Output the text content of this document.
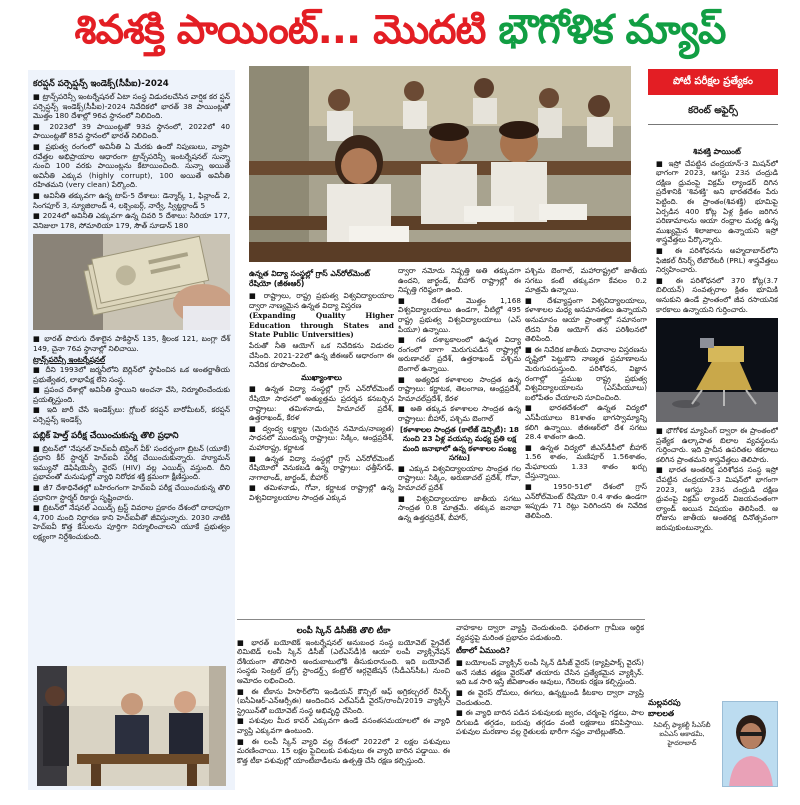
శివశక్తి పాయింట్... మొదటి భౌగోళిక మ్యాప్
కరప్షన్ పర్సెప్షన్స్ ఇండెక్స్(సీపీఐ)-2024

■ ట్రాన్స్‌పరెన్సీ ఇంటర్నేషనల్ ఏటా సంస్థ విడుదలచేసిన వార్షిక కర ప్షన్ పర్సెప్షన్స్ ఇండెక్స్(సీపీఐ)-2024 నివేదికలో భారత్ 38 పాయింట్లతో మొత్తం 180 దేశాల్లో 96వ స్థానంలో నిలిచింది.

■ 2023లో 39 పాయింట్లతో 93వ స్థానంలో, 2022లో 40 పాయింట్లతో 85వ స్థానంలో భారత్ నిలిచింది.

■ ప్రభుత్వ రంగంలో అవినీతి ఏ మేరకు ఉందో నిపుణులు, వ్యాపా రవేత్తల అభిప్రాయాల ఆధారంగా ట్రాన్స్‌పరెన్సీ ఇంటర్నేషనల్ సున్నా నుంచి 100 వరకు పాయింట్లను కేటాయించింది. సున్నా అయితే అవినీతి ఎక్కువ (highly corrupt), 100 అయితే అవినీతి రహితమని (very clean) పేర్కొంది.

■ అవినీతి తక్కువగా ఉన్న టాప్-5 దేశాలు: డెన్మార్క్ 1, ఫిన్లాండ్ 2, సింగపూర్ 3, న్యూజిలాండ్ 4, లక్సెంబర్గ్, నార్వే, స్విట్జర్లాండ్ 5

■ 2024లో అవినీతి ఎక్కువగా ఉన్న చివరి 5 దేశాలు: సిరియా 177, వెనిజులా 178, సోమాలియా 179, సౌత్ సూడాన్ 180

■ భారత్ పొరుగు దేశాలైన పాకిస్థాన్ 135, శ్రీలంక 121, బంగ్లా దేశ్ 149, చైనా 76వ స్థానాల్లో నిలిచాయి.

ట్రాన్స్‌పరెన్సీ ఇంటర్నేషనల్

■ దీని 1993లో జర్మనీలోని బెర్లిన్‌లో స్థాపించిన ఒక అంతర్జాతీయ ప్రభుత్వేతర, లాభాపేక్ష లేని సంస్థ.

■ ప్రపంచ దేశాల్లో అవినీతి స్థాయిని అంచనా వేసి, నిర్మూలించేందుకు ప్రయత్నిస్తుంది.

■ ఇది జారీ చేసే ఇండెక్స్‌లు: గ్లోబల్ కరప్షన్ బారోమీటర్, కరప్షన్ పర్సెప్షన్స్ ఇండెక్స్

పబ్లిక్ హెల్త్ పరీక్ష చేయించుకున్న తొలి ప్రధాని

■ బ్రిటన్‌లో 'నేషనల్ హెచ్ఐవీ టెస్టింగ్ వీక్' సందర్భంగా బ్రిటన్ (యూకే) ప్రధాని కీర్ స్టార్మర్ హెచ్ఐవీ పరీక్ష చేయించుకున్నారు. హ్యూమన్ ఇమ్యునో డెఫిషియెన్సీ వైరస్ (HIV) వల్ల ఎయిడ్స్ వస్తుంది. దీని ప్రభావంతో మనుషుల్లో వ్యాధి నిరోధక శక్తి క్రమంగా క్షీణిస్తుంది.

■ జీ7 దేశాధినేతల్లో బహిరంగంగా హెచ్ఐవీ పరీక్ష చేయించుకున్న తొలి ప్రధానిగా స్టార్మర్ రికార్డు సృష్టించారు.

■ బ్రిటన్‌లో నేషనల్ ఎయిడ్స్ ట్రస్ట్ వివరాల ప్రకారం దేశంలో దాదాపుగా 4,700 మంది నిర్ధారణ కాని హెచ్ఐవీతో జీవిస్తున్నారు. 2030 నాటికి హెచ్ఐవీ కొత్త కేసులను పూర్తిగా నిర్మూలించాలని యూకే ప్రభుత్వం లక్ష్యంగా నిర్దేశించుకుంది.

ఉన్నత విద్యా సంస్థల్లో గ్రాస్ ఎన్‌రోల్‌మెంట్ రేషియో (జీఈఆర్)

■ రాష్ట్రాలు, రాష్ట్ర ప్రభుత్వ విశ్వవిద్యాలయాల ద్వారా నాణ్యమైన ఉన్నత విద్యా విస్తరణ

(Expanding Quality Higher Education through States and State Public Universities)

పేరుతో నీతి ఆయోగ్ ఒక నివేదికను విడుదల చేసింది. 2021-22లో ఉన్న జీఈఆర్ ఆధారంగా ఈ నివేదిక రూపొందింది.

ముఖ్యాంశాలు

■ ఉన్నత విద్యా సంస్థల్లో గ్రాస్ ఎన్‌రోల్‌మెంట్ రేషియో సాధనలో అత్యుత్తమ ప్రదర్శన కనబర్చిన రాష్ట్రాలు: తమిళనాడు, హిమాచల్ ప్రదేశ్, ఉత్తరాఖండ్, కేరళ

■ ద్వంద్వ లక్ష్యాల (మెరుగైన నమోదు/నాణ్యత) సాధనలో ముందున్న రాష్ట్రాలు: సిక్కిం, ఆంధ్రప్రదేశ్, మహారాష్ట్ర, కర్ణాటక

■ ఉన్నత విద్యా సంస్థల్లో గ్రాస్ ఎన్‌రోల్‌మెంట్ రేషియోలో వెనుకబడి ఉన్న రాష్ట్రాలు: ఛత్తీస్‌గఢ్, నాగాలాండ్, జార్ఖండ్, బీహార్

■ తమిళనాడు, గోవా, కర్ణాటక రాష్ట్రాల్లో ఉన్న విశ్వవిద్యాలయాల సాంద్రత ఎక్కువ

ద్వారా నమోదు నిష్పత్తి అతి తక్కువగా ఉందని, జార్ఖండ్, బీహార్ రాష్ట్రాల్లో ఈ నిష్పత్తి గరిష్ఠంగా ఉంది.

■ దేశంలో మొత్తం 1,168 విశ్వవిద్యాలయాలు ఉండగా, వీటిల్లో 495 రాష్ట్ర ప్రభుత్వ విశ్వవిద్యాలయాలు (ఎస్ పీయూ) ఉన్నాయి.

■ గత దశాబ్దకాలంలో ఉన్నత విద్యా రంగంలో బాగా మెరుగుపడిన రాష్ట్రాల్లో అరుణాచల్ ప్రదేశ్, ఉత్తరాఖండ్ పశ్చిమ బెంగాల్ ఉన్నాయి.

■ అత్యధిక కళాశాలల సాంద్రత ఉన్న రాష్ట్రాలు: కర్ణాటక, తెలంగాణ, ఆంధ్రప్రదేశ్, హిమాచల్‌ప్రదేశ్, కేరళ

■ అతి తక్కువ కళాశాలల సాంద్రత ఉన్న రాష్ట్రాలు: బీహార్, పశ్చిమ బెంగాల్

[కళాశాలల సాంద్రత (కాలేజ్ డెన్సిటీ): 18 నుంచి 23 ఏళ్ల వయస్సు మధ్య ప్రతి లక్ష మంది జనాభాలో ఉన్న కళాశాలల సంఖ్య సగటు]

■ ఎక్కువ విశ్వవిద్యాలయాల సాంద్రత గల రాష్ట్రాలు: సిక్కిం, అరుణాచల్ ప్రదేశ్, గోవా, హిమాచల్ ప్రదేశ్

■ విశ్వవిద్యాలయాల జాతీయ సగటు సాంద్రత 0.8 మాత్రమే. తక్కువ జనాభా ఉన్న ఉత్తరప్రదేశ్, బీహార్,

పశ్చిమ బెంగాల్, మహారాష్ట్రలో జాతీయ సగటు కంటే తక్కువగా కేవలం 0.2 మాత్రమే ఉన్నాయి.

■ దేశవ్యాప్తంగా విశ్వవిద్యాలయాలు, కళాశాలల మధ్య అసమానతలు ఉన్నాయని అనుమానం ఆయా ప్రాంతాల్లో సమానంగా లేదని నీతి ఆయోగ్ తన పరిశీలనలో తెలిపింది.

■ ఈ నివేదిక జాతీయ విధానాల విస్తరణను దృష్టిలో పెట్టుకొని నాణ్యత ప్రమాణాలను మెరుగుపరుస్తుంది. పరిశోధన, విజ్ఞాన రంగాల్లో ప్రముఖ రాష్ట్ర ప్రభుత్వ విశ్వవిద్యాలయాలను (ఎస్‌పీయూలు) బలోపేతం చేయాలని సూచించింది.

■ భారతదేశంలో ఉన్నత విద్యలో ఎస్‌పీయూలు 81శాతం భాగస్వామ్యాన్ని కలిగి ఉన్నాయి. జీఈఆర్‌లో దేశ సగటు 28.4 శాతంగా ఉంది.

■ ఉన్నత విద్యలో జీఎస్‌డీపీలో బీహార్ 1.56 శాతం, మణిపూర్ 1.56శాతం, మేఘాలయ 1.33 శాతం ఖర్చు చేస్తున్నాయి.

■ 1950-51లో దేశంలో గ్రాస్ ఎన్‌రోల్‌మెంట్ రేషియో 0.4 శాతం ఉండగా ఇప్పుడు 71 రెట్లు పెరిగిందని ఈ నివేదిక తెలిపింది.

లంపీ స్కిన్ డిసీజ్‌కి తొలి టీకా

■ భారత్ బయోటెక్ ఇంటర్నేషనల్ అనుబంధ సంస్థ బయోవెట్ ప్రైవేట్ లిమిటెడ్ లంపీ స్కిన్ డిసీజ్ (ఎల్ఎస్‌డీ)కి ఆయా లంపీ వ్యాక్సినేషన్ దేశీయంగా తొలిసారి అందుబాటులోకి తీసుకురానుంది. ఇది బయోవెట్ సంస్థకు సెంట్రల్ డ్రగ్స్ స్టాండర్డ్స్ కంట్రోల్ ఆర్గనైజేషన్ (సీడీఎస్‌సీఓ) నుంచి ఆమోదం లభించింది.

■ ఈ టీకాను హిసార్‌లోని ఇండియన్ కౌన్సిల్ ఆఫ్ అగ్రికల్చరల్ రీసెర్చ్ (ఐసీఏఆర్-ఎన్ఆర్సీఈ) అందించిన ఎల్ఎస్‌డీ వైరస్/రాంచీ/2019 వ్యాక్సిన్ స్ట్రెయిన్‌తో బయోవెట్ సంస్థ అభివృద్ధి చేసింది.

■ పశువుల మీద కాపర్ ఎక్కువగా ఉండే వసంతసమయాలలో ఈ వ్యాధి వ్యాప్తి ఎక్కువగా ఉంటుంది.

■ ఈ లంపీ స్కిన్ వ్యాధి వల్ల దేశంలో 2022లో 2 లక్షల పశువులు మరణించాయి. 15 లక్షల పైచిలుకు పశువులు ఈ వ్యాధి బారిన పడ్డాయి. ఈ కొత్త టీకా పశువుల్లో యాంటీబాడీలను ఉత్పత్తి చేసి రక్షణ కల్పిస్తుంది.

వాహకాల ద్వారా వ్యాప్తి చెందుతుంది. ఫలితంగా గ్రామీణ ఆర్థిక వ్యవస్థపై మరింత ప్రభావం పడుతుంది.

టీకాలో ఏముంది?

■ బయోలంప్ వ్యాక్సిన్ లంపీ స్కిన్ డిసీజ్ వైరస్ (క్యాప్రిపాక్స్ వైరస్) అనే సజీవ తక్షణ వైరస్‌తో తయారు చేసిన ప్రత్యేకమైన వ్యాక్సిన్. ఇది ఒక సారి ఇస్తే జీవితాంతం ఆవులు, గేదెలకు రక్షణ కల్పిస్తుంది.

■ ఈ వైరస్ దోమలు, ఈగలు, ఉన్నట్టుండి కీటకాల ద్వారా వ్యాప్తి చెందుతుంది.

■ ఈ వ్యాధి బారిన పడిన పశువులకు జ్వరం, చర్మంపై గడ్డలు, పాల దిగుబడి తగ్గడం, బరువు తగ్గడం వంటి లక్షణాలు కనిపిస్తాయి. పశువుల మరణాల వల్ల రైతులకు భారీగా నష్టం వాటిల్లుతోంది.

పోటీ పరీక్షల ప్రత్యేకం
కరెంట్ అఫైర్స్
శివశక్తి పాయింట్

■ ఇస్రో చేపట్టిన చంద్రయాన్-3 మిషన్‌లో భాగంగా 2023, ఆగస్టు 23న చంద్రుడి దక్షిణ ధ్రువంపై విక్రమ్ ల్యాండర్ దిగిన ప్రదేశానికి 'శివశక్తి' అని భారతదేశం పేరు పెట్టింది. ఈ ప్రాంతం(శివశక్తి) భూమిపై ఏర్పడిన 400 కోట్ల ఏళ్ల క్రితం జరిగిన పరిణామాలను ఆయా రంధ్రాల మధ్య ఉన్న ముఖ్యమైన శిలాజాలు ఉన్నాయని ఇస్రో శాస్త్రవేత్తలు పేర్కొన్నారు.

■ ఈ పరిశోధనను అహ్మదాబాద్‌లోని ఫిజికల్ రీసెర్చ్ లేబొరేటరీ (PRL) శాస్త్రవేత్తలు నిర్వహించారు.

■ ఈ పరిశోధనలో 370 కోట్ల(3.7 బిలియన్) సంవత్సరాల క్రితం భూమికి ఆనుకుని ఉండే ప్రాంతంలో జీవ రసాయనిక కారకాలు ఉన్నాయని గుర్తించారు.

■ భౌగోళిక మ్యాపింగ్ ద్వారా ఈ ప్రాంతంలో ప్రత్యేక ఉల్కాపాత బిలాల వ్యవస్థలను గుర్తించారు. ఇది ప్రాచీన ఉపరితల శకలాలు కలిగిన ప్రాంతమని శాస్త్రవేత్తలు తెలిపారు.

■ భారత అంతరిక్ష పరిశోధన సంస్థ ఇస్రో చేపట్టిన చంద్రయాన్-3 మిషన్‌లో భాగంగా 2023, ఆగస్టు 23న చంద్రుడి దక్షిణ ధ్రువంపై విక్రమ్ ల్యాండర్ విజయవంతంగా ల్యాండ్ అయిన విషయం తెలిసిందే. ఆ రోజును జాతీయ అంతరిక్ష దినోత్సవంగా జరుపుకుంటున్నారు.

మల్లవరపు బాలలత
సివిల్స్ ఫ్యాకల్టీ సీఎస్‌బీ ఐఏఎస్ అకాడమీ, హైదరాబాద్
